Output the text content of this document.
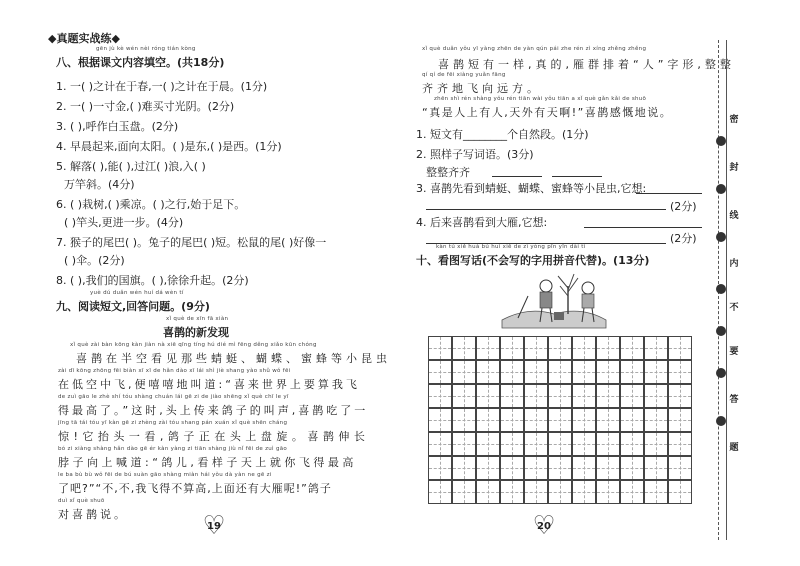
◆ 真题实战练 ◆
gēn jù kè wén nèi róng tián kòng
八、根据课文内容填空。(共18分)
1. 一( )之计在于春,一( )之计在于晨。(1分)
2. 一( )一寸金,( )难买寸光阴。(2分)
3. ( ),呼作白玉盘。(2分)
4. 早晨起来,面向太阳。( )是东,( )是西。(1分)
5. 解落( ),能( ),过江( )浪,入( )
万竿斜。(4分)
6. ( )栽树,( )乘凉。( )之行,始于足下。
( )竿头,更进一步。(4分)
7. 猴子的尾巴( )。兔子的尾巴( )短。松鼠的尾( )好像一
( )伞。(2分)
8. ( ),我们的国旗。( ),徐徐升起。(2分)
yuè dú duǎn wén huí dá wèn tí
九、阅读短文,回答问题。(9分)
xǐ què de xīn fā xiàn
喜鹊的新发现
xǐ què zài bàn kōng kàn jiàn nà xiē qīng tíng hú dié mì fēng děng xiǎo kūn chóng
喜鹊在半空看见那些蜻蜓、蝴蝶、蜜蜂等小昆虫
zài dī kōng zhōng fēi biàn xī xī de hǎn dào xī lái shì jiè shang yào shǔ wǒ fēi
在低空中飞,便嘻嘻地叫道:“喜来世界上要算我飞
de zuì gāo le zhè shí tóu shàng chuán lái gē zi de jiào shēng xǐ què chī le yī
得最高了。”这时,头上传来鸽子的叫声,喜鹊吃了一
jīng tā tái tóu yī kàn gē zi zhèng zài tóu shang pán xuán xǐ què shēn cháng
惊!它抬头一看,鸽子正在头上盘旋。喜鹊伸长
bó zi xiàng shàng hǎn dào gē ér kàn yàng zi tiān shàng jiù nǐ fēi de zuì gāo
脖子向上喊道:“鸽儿,看样子天上就你飞得最高
le ba bù bù wǒ fēi de bú suàn gāo shàng miàn hái yǒu dà yàn ne gē zi
了吧?”“不,不,我飞得不算高,上面还有大雁呢!”鸽子
duì xǐ què shuō
对喜鹊说。
♡ 19
xǐ què duǎn yǒu yī yàng zhēn de yàn qún pái zhe rén zì xíng zhěng zhěng
喜鹊短有一样,真的,雁群排着“人”字形,整整
qí qí de fēi xiàng yuǎn fāng
齐齐地飞向远方。
zhēn shì rén shàng yǒu rén tiān wài yǒu tiān a xǐ què gǎn kǎi de shuō
“真是人上有人,天外有天啊!”喜鹊感慨地说。
1. 短文有________个自然段。(1分)
2. 照样子写词语。(3分)
整整齐齐
3. 喜鹊先看到蜻蜓、蝴蝶、蜜蜂等小昆虫,它想:
(2分)
4. 后来喜鹊看到大雁,它想:
(2分)
kàn tú xiě huà bú huì xiě de zì yòng pīn yīn dài tì
十、看图写话(不会写的字用拼音代替)。(13分)
♡ 20
密
封
线
内
不
要
答
题
